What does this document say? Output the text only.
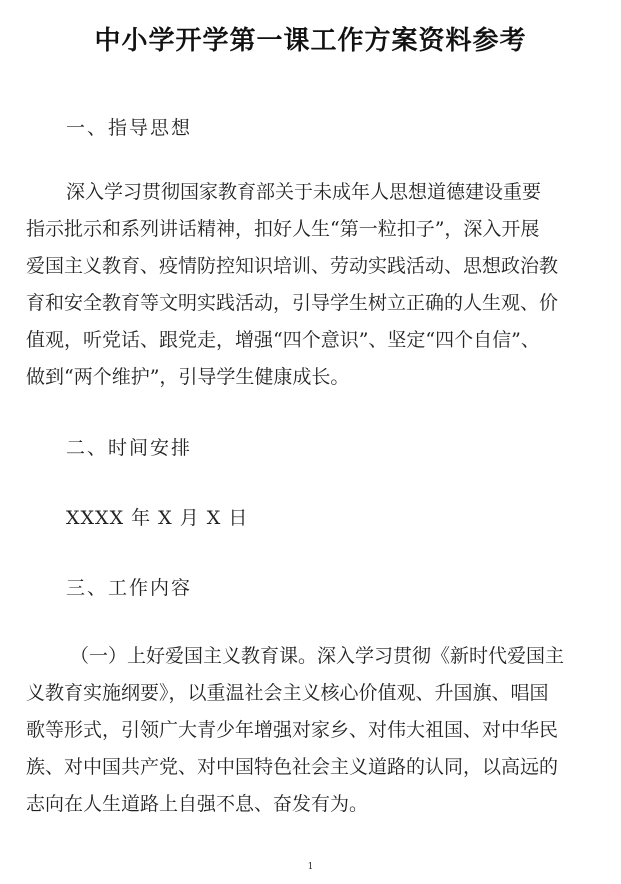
中小学开学第一课工作方案资料参考
一、指导思想

深入学习贯彻国家教育部关于未成年人思想道德建设重要
指示批示和系列讲话精神，扣好人生“第一粒扣子”，深入开展
爱国主义教育、疫情防控知识培训、劳动实践活动、思想政治教
育和安全教育等文明实践活动，引导学生树立正确的人生观、价
值观，听党话、跟党走，增强“四个意识”、坚定“四个自信”、
做到“两个维护”，引导学生健康成长。

二、时间安排
XXXX 年 X 月 X 日
三、工作内容

（一）上好爱国主义教育课。深入学习贯彻《新时代爱国主
义教育实施纲要》，以重温社会主义核心价值观、升国旗、唱国
歌等形式，引领广大青少年增强对家乡、对伟大祖国、对中华民
族、对中国共产党、对中国特色社会主义道路的认同，以高远的
志向在人生道路上自强不息、奋发有为。

1
